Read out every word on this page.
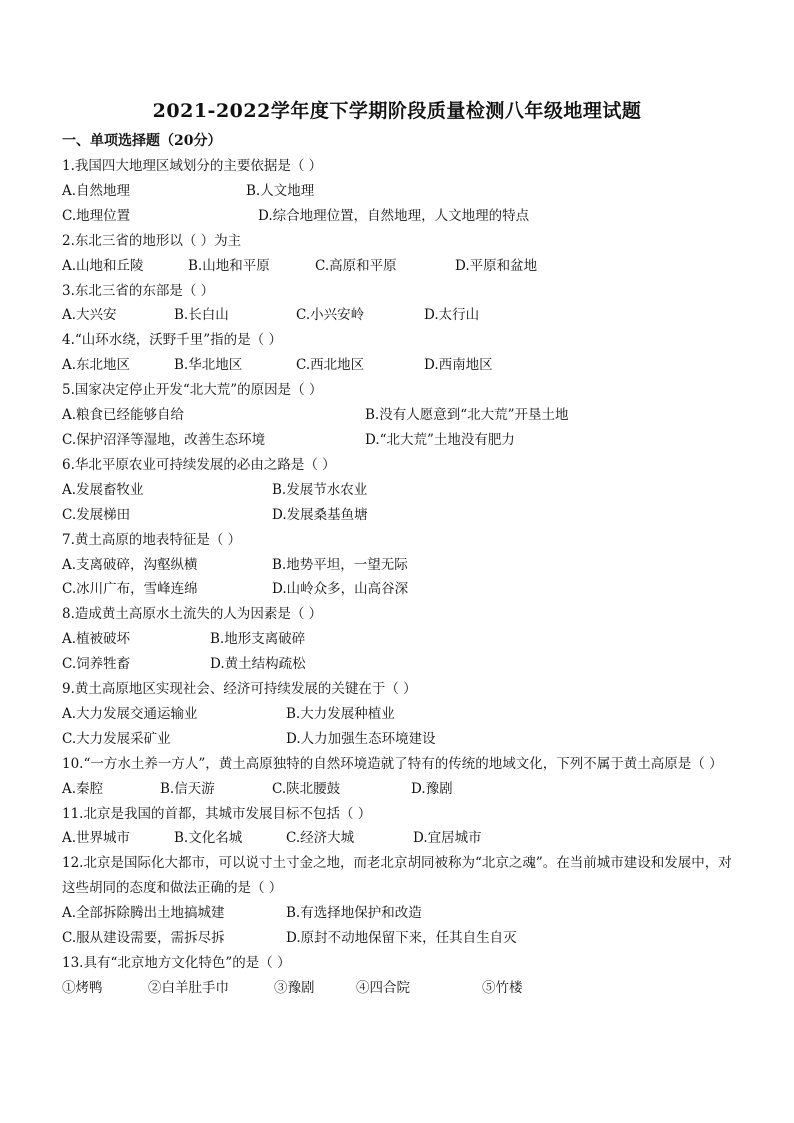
2021-2022学年度下学期阶段质量检测八年级地理试题
一、单项选择题（20分）
1.我国四大地理区域划分的主要依据是（ ）
A.自然地理	B.人文地理
C.地理位置	D.综合地理位置，自然地理，人文地理的特点
2.东北三省的地形以（ ）为主
A.山地和丘陵	B.山地和平原	C.高原和平原	D.平原和盆地
3.东北三省的东部是（ ）
A.大兴安	B.长白山	C.小兴安岭	D.太行山
4.“山环水绕，沃野千里”指的是（ ）
A.东北地区	B.华北地区	C.西北地区	D.西南地区
5.国家决定停止开发“北大荒”的原因是（ ）
A.粮食已经能够自给	B.没有人愿意到“北大荒”开垦土地
C.保护沼泽等湿地，改善生态环境	D.“北大荒”土地没有肥力
6.华北平原农业可持续发展的必由之路是（ ）
A.发展畜牧业	B.发展节水农业
C.发展梯田	D.发展桑基鱼塘
7.黄土高原的地表特征是（ ）
A.支离破碎，沟壑纵横	B.地势平坦，一望无际
C.冰川广布，雪峰连绵	D.山岭众多，山高谷深
8.造成黄土高原水土流失的人为因素是（ ）
A.植被破坏	B.地形支离破碎
C.饲养牲畜	D.黄土结构疏松
9.黄土高原地区实现社会、经济可持续发展的关键在于（ ）
A.大力发展交通运输业	B.大力发展种植业
C.大力发展采矿业	D.人力加强生态环境建设
10.“一方水土养一方人”，黄土高原独特的自然环境造就了特有的传统的地域文化，下列不属于黄土高原是（ ）
A.秦腔	B.信天游	C.陕北腰鼓	D.豫剧
11.北京是我国的首都，其城市发展目标不包括（ ）
A.世界城市	B.文化名城	C.经济大城	D.宜居城市
12.北京是国际化大都市，可以说寸土寸金之地，而老北京胡同被称为“北京之魂”。在当前城市建设和发展中，对这些胡同的态度和做法正确的是（ ）
A.全部拆除腾出土地搞城建	B.有选择地保护和改造
C.服从建设需要，需拆尽拆	D.原封不动地保留下来，任其自生自灭
13.具有“北京地方文化特色”的是（ ）
①烤鸭	②白羊肚手巾	③豫剧	④四合院	⑤竹楼
